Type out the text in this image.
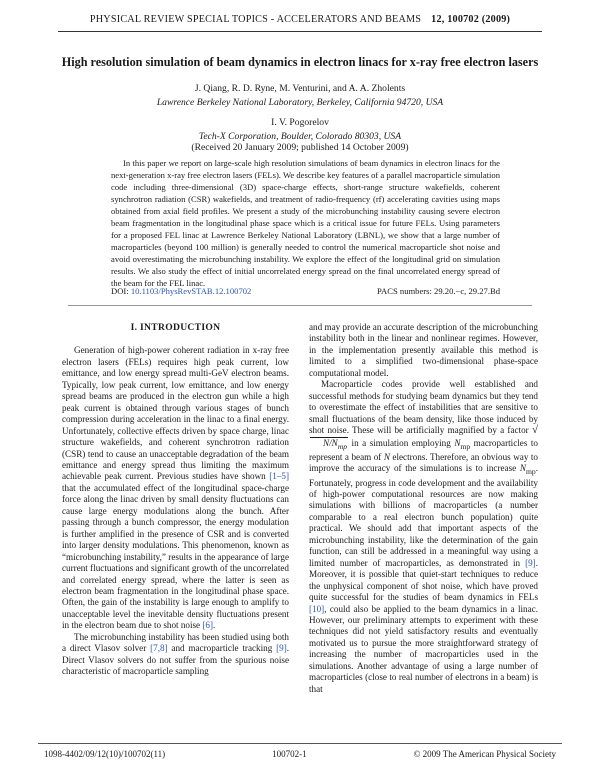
PHYSICAL REVIEW SPECIAL TOPICS - ACCELERATORS AND BEAMS 12, 100702 (2009)
High resolution simulation of beam dynamics in electron linacs for x-ray free electron lasers
J. Qiang, R. D. Ryne, M. Venturini, and A. A. Zholents
Lawrence Berkeley National Laboratory, Berkeley, California 94720, USA
I. V. Pogorelov
Tech-X Corporation, Boulder, Colorado 80303, USA
(Received 20 January 2009; published 14 October 2009)

In this paper we report on large-scale high resolution simulations of beam dynamics in electron linacs for the next-generation x-ray free electron lasers (FELs). We describe key features of a parallel macroparticle simulation code including three-dimensional (3D) space-charge effects, short-range structure wakefields, coherent synchrotron radiation (CSR) wakefields, and treatment of radio-frequency (rf) accelerating cavities using maps obtained from axial field profiles. We present a study of the microbunching instability causing severe electron beam fragmentation in the longitudinal phase space which is a critical issue for future FELs. Using parameters for a proposed FEL linac at Lawrence Berkeley National Laboratory (LBNL), we show that a large number of macroparticles (beyond 100 million) is generally needed to control the numerical macroparticle shot noise and avoid overestimating the microbunching instability. We explore the effect of the longitudinal grid on simulation results. We also study the effect of initial uncorrelated energy spread on the final uncorrelated energy spread of the beam for the FEL linac.

DOI: 10.1103/PhysRevSTAB.12.100702	PACS numbers: 29.20.−c, 29.27.Bd
I. INTRODUCTION

Generation of high-power coherent radiation in x-ray free electron lasers (FELs) requires high peak current, low emittance, and low energy spread multi-GeV electron beams. Typically, low peak current, low emittance, and low energy spread beams are produced in the electron gun while a high peak current is obtained through various stages of bunch compression during acceleration in the linac to a final energy. Unfortunately, collective effects driven by space charge, linac structure wakefields, and coherent synchrotron radiation (CSR) tend to cause an unacceptable degradation of the beam emittance and energy spread thus limiting the maximum achievable peak current. Previous studies have shown [1–5] that the accumulated effect of the longitudinal space-charge force along the linac driven by small density fluctuations can cause large energy modulations along the bunch. After passing through a bunch compressor, the energy modulation is further amplified in the presence of CSR and is converted into larger density modulations. This phenomenon, known as “microbunching instability,” results in the appearance of large current fluctuations and significant growth of the uncorrelated and correlated energy spread, where the latter is seen as electron beam fragmentation in the longitudinal phase space. Often, the gain of the instability is large enough to amplify to unacceptable level the inevitable density fluctuations present in the electron beam due to shot noise [6].

The microbunching instability has been studied using both a direct Vlasov solver [7,8] and macroparticle tracking [9]. Direct Vlasov solvers do not suffer from the spurious noise characteristic of macroparticle sampling

and may provide an accurate description of the microbunching instability both in the linear and nonlinear regimes. However, in the implementation presently available this method is limited to a simplified two-dimensional phase-space computational model.

Macroparticle codes provide well established and successful methods for studying beam dynamics but they tend to overestimate the effect of instabilities that are sensitive to small fluctuations of the beam density, like those induced by shot noise. These will be artificially magnified by a factor $√N/N_{mp}$ in a simulation employing $N_{mp}$ macroparticles to represent a beam of N electrons. Therefore, an obvious way to improve the accuracy of the simulations is to increase $N_{mp}$. Fortunately, progress in code development and the availability of high-power computational resources are now making simulations with billions of macroparticles (a number comparable to a real electron bunch population) quite practical. We should add that important aspects of the microbunching instability, like the determination of the gain function, can still be addressed in a meaningful way using a limited number of macroparticles, as demonstrated in [9]. Moreover, it is possible that quiet-start techniques to reduce the unphysical component of shot noise, which have proved quite successful for the studies of beam dynamics in FELs [10], could also be applied to the beam dynamics in a linac. However, our preliminary attempts to experiment with these techniques did not yield satisfactory results and eventually motivated us to pursue the more straightforward strategy of increasing the number of macroparticles used in the simulations. Another advantage of using a large number of macroparticles (close to real number of electrons in a beam) is that

1098-4402/09/12(10)/100702(11)	100702-1	© 2009 The American Physical Society
